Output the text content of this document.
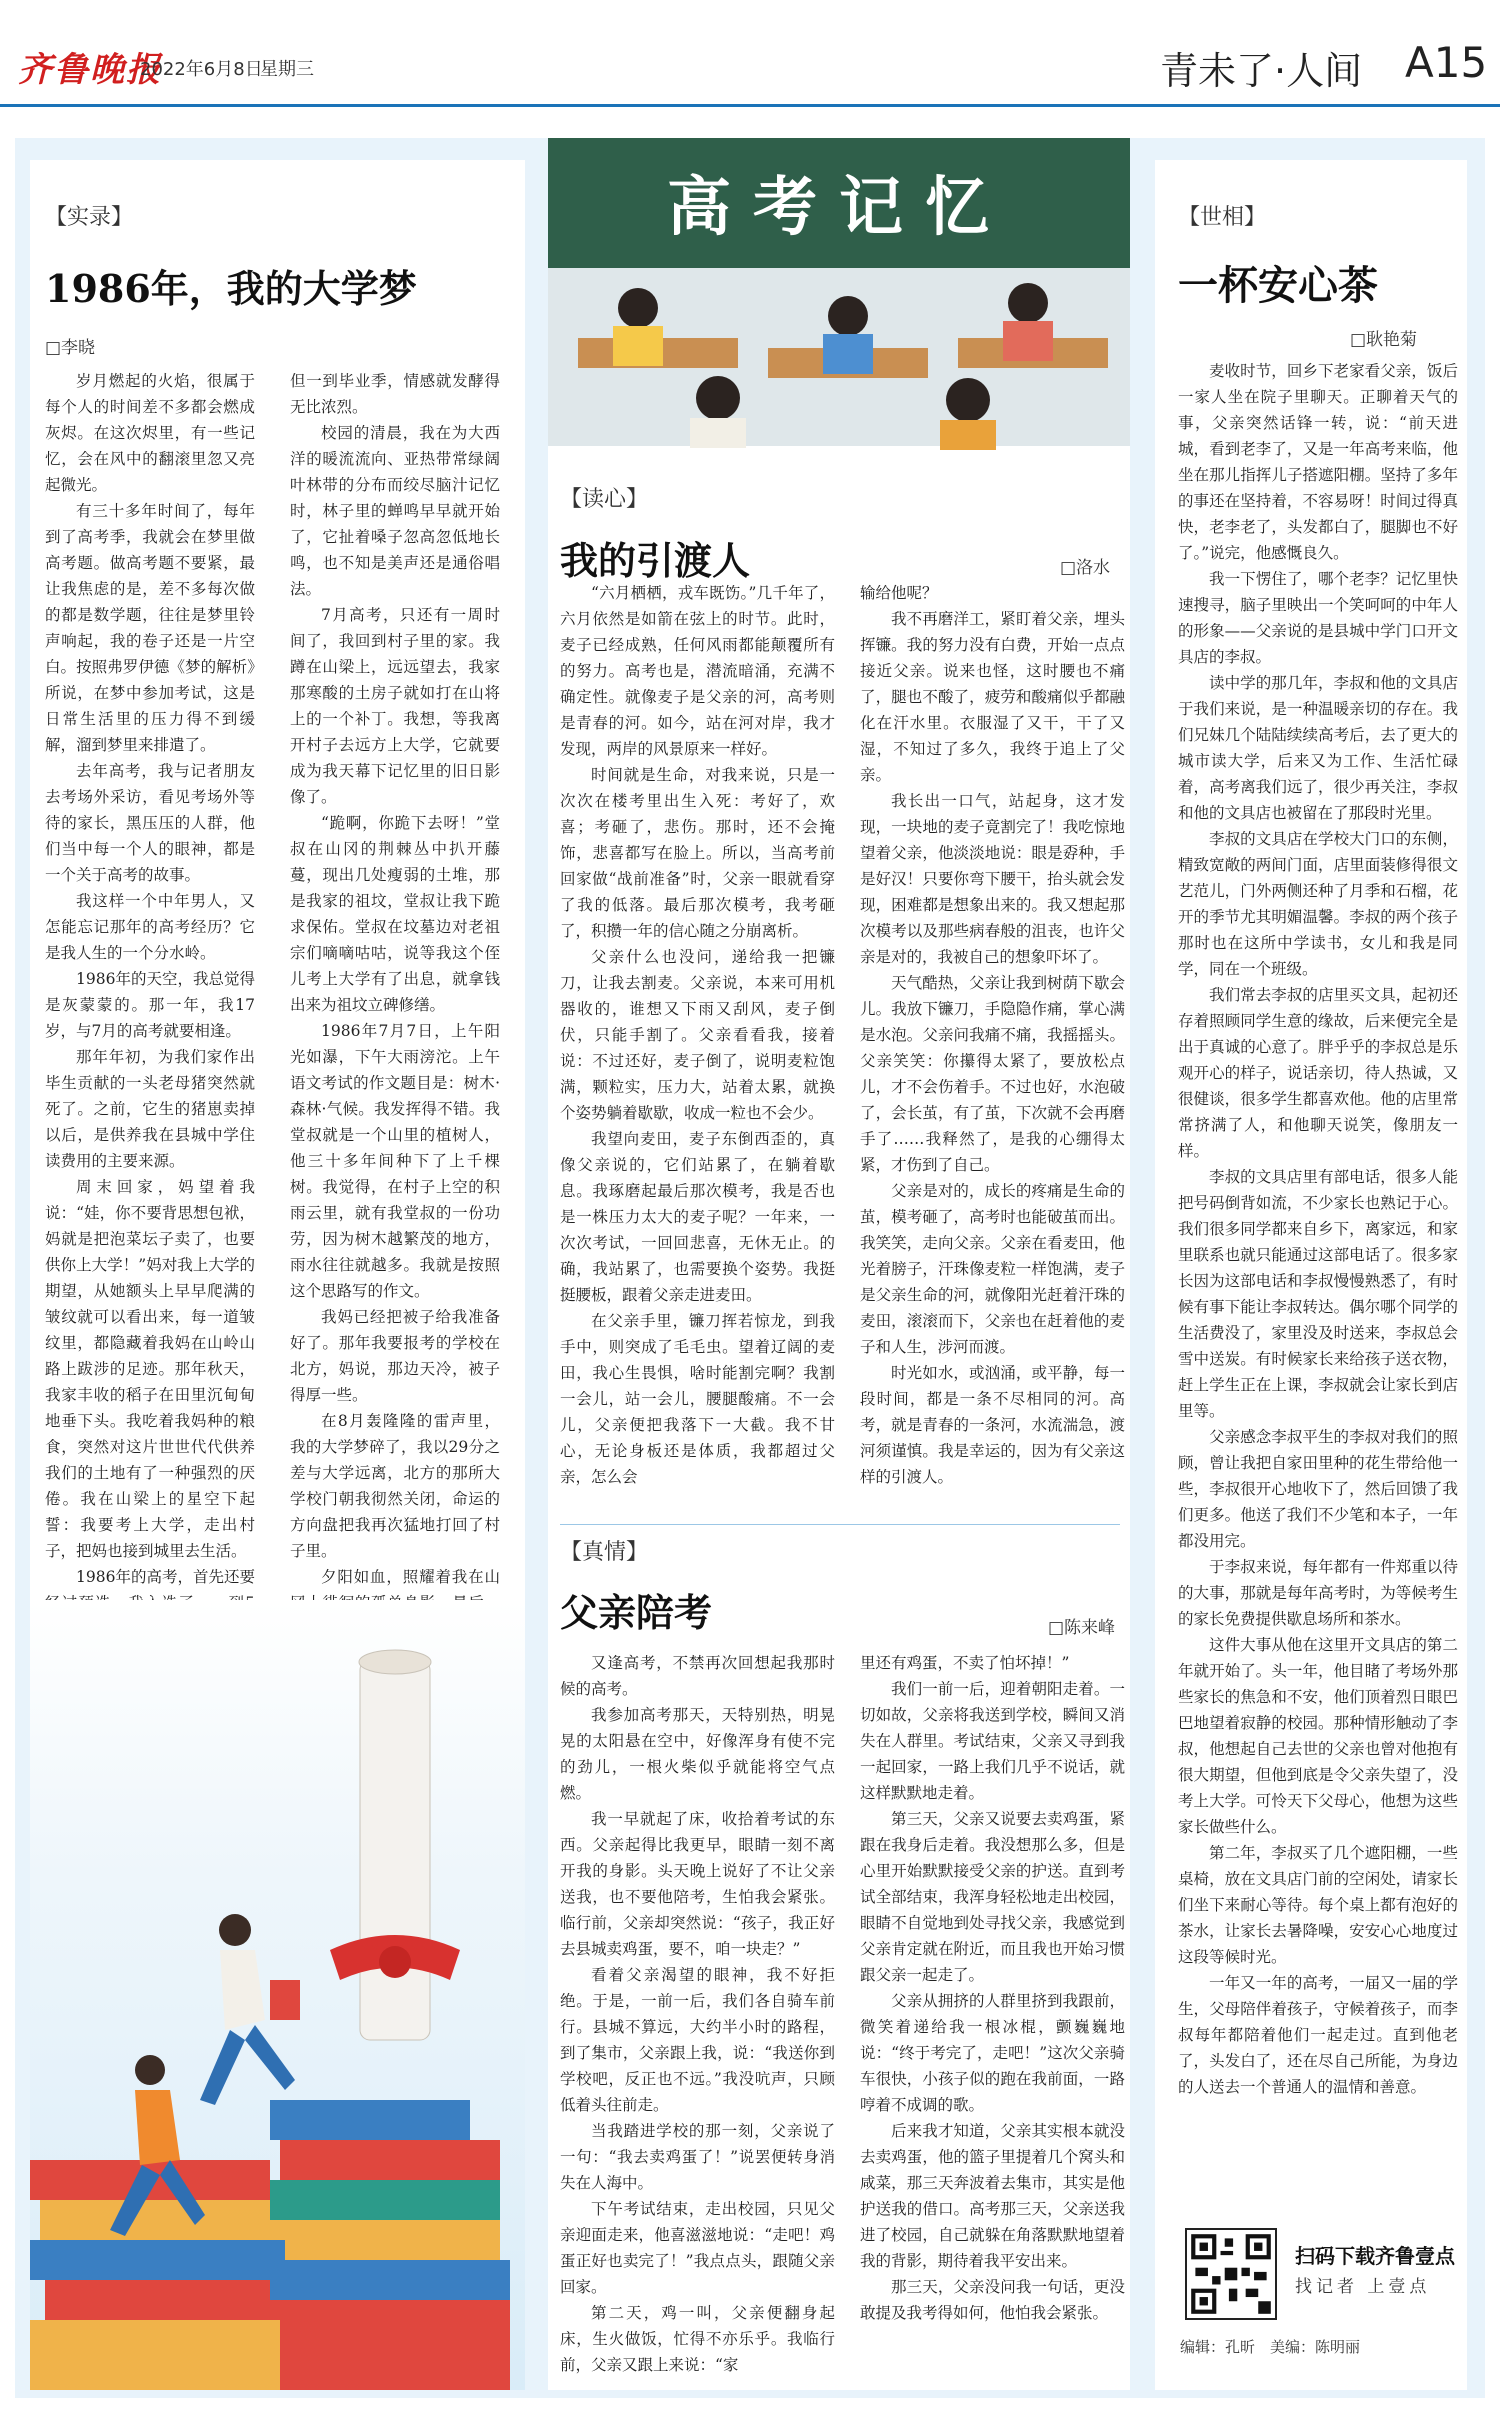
齐鲁晚报
2022年6月8日
星期三	青未了·人间 A15
【实录】
1986年，我的大学梦
□李晓

岁月燃起的火焰，很属于每个人的时间差不多都会燃成灰烬。在这次烬里，有一些记忆，会在风中的翻滚里忽又亮起微光。

有三十多年时间了，每年到了高考季，我就会在梦里做高考题。做高考题不要紧，最让我焦虑的是，差不多每次做的都是数学题，往往是梦里铃声响起，我的卷子还是一片空白。按照弗罗伊德《梦的解析》所说，在梦中参加考试，这是日常生活里的压力得不到缓解，溜到梦里来排遣了。

去年高考，我与记者朋友去考场外采访，看见考场外等待的家长，黑压压的人群，他们当中每一个人的眼神，都是一个关于高考的故事。

我这样一个中年男人，又怎能忘记那年的高考经历？它是我人生的一个分水岭。

1986年的天空，我总觉得是灰蒙蒙的。那一年，我17岁，与7月的高考就要相逢。

那年年初，为我们家作出毕生贡献的一头老母猪突然就死了。之前，它生的猪崽卖掉以后，是供养我在县城中学住读费用的主要来源。

周末回家，妈望着我说：“娃，你不要背思想包袱，妈就是把泡菜坛子卖了，也要供你上大学！”妈对我上大学的期望，从她额头上早早爬满的皱纹就可以看出来，每一道皱纹里，都隐藏着我妈在山岭山路上跋涉的足迹。那年秋天，我家丰收的稻子在田里沉甸甸地垂下头。我吃着我妈种的粮食，突然对这片世世代代供养我们的土地有了一种强烈的厌倦。我在山梁上的星空下起誓：我要考上大学，走出村子，把妈也接到城里去生活。

1986年的高考，首先还要

但一到毕业季，情感就发酵得无比浓烈。

校园的清晨，我在为大西洋的暖流流向、亚热带常绿阔叶林带的分布而绞尽脑汁记忆时，林子里的蝉鸣早早就开始了，它扯着嗓子忽高忽低地长鸣，也不知是美声还是通俗唱法。

7月高考，只还有一周时间了，我回到村子里的家。我蹲在山梁上，远远望去，我家那寒酸的土房子就如打在山将上的一个补丁。我想，等我离开村子去远方上大学，它就要成为我天幕下记忆里的旧日影像了。

“跪啊，你跪下去呀！”堂叔在山冈的荆棘丛中扒开藤蔓，现出几处瘦弱的土堆，那是我家的祖坟，堂叔让我下跪求保佑。堂叔在坟墓边对老祖宗们嘀嘀咕咕，说等我这个侄儿考上大学有了出息，就拿钱出来为祖坟立碑修缮。

1986年7月7日，上午阳光如瀑，下午大雨滂沱。上午语文考试的作文题目是：树木·森林·气候。我发挥得不错。我堂叔就是一个山里的植树人，他三十多年间种下了上千棵树。我觉得，在村子上空的积雨云里，就有我堂叔的一份功劳，因为树木越繁茂的地方，雨水往往就越多。我就是按照这个思路写的作文。

我妈已经把被子给我准备好了。那年我要报考的学校在北方，妈说，那边天冷，被子得厚一些。

在8月轰隆隆的雷声里，我的大学梦碎了，我以29分之差与大学远离，北方的那所大学校门朝我彻然关闭，命运的方向盘把我再次猛地打回了村子里。

夕阳如血，照耀着我在山

高考记忆
【读心】
我的引渡人	□洛水

“六月栖栖，戎车既饬。”几千年了，六月依然是如箭在弦上的时节。此时，麦子已经成熟，任何风雨都能颠覆所有的努力。高考也是，潜流暗涌，充满不确定性。就像麦子是父亲的河，高考则是青春的河。如今，站在河对岸，我才发现，两岸的风景原来一样好。

时间就是生命，对我来说，只是一次次在楼考里出生入死：考好了，欢喜；考砸了，悲伤。那时，还不会掩饰，悲喜都写在脸上。所以，当高考前回家做“战前准备”时，父亲一眼就看穿了我的低落。最后那次模考，我考砸了，积攒一年的信心随之分崩离析。

父亲什么也没问，递给我一把镰刀，让我去割麦。父亲说，本来可用机器收的，谁想又下雨又刮风，麦子倒伏，只能手割了。父亲看看我，接着说：不过还好，麦子倒了，说明麦粒饱满，颗粒实，压力大，站着太累，就换个姿势躺着歇歇，收成一粒也不会少。

我望向麦田，麦子东倒西歪的，真像父亲说的，它们站累了，在躺着歇息。我琢磨起最后那次模考，我是否也是一株压力太大的麦子呢？一年来，一次次考试，一回回悲喜，无休无止。的确，我站累了，也需要换个姿势。我挺挺腰板，跟着父亲走进麦田。

在父亲手里，镰刀挥若惊龙，到我手中，则突成了毛毛虫。望着辽阔的麦田，我心生畏惧，啥时能割完啊？我割一会儿，站一会儿，腰腿酸痛。不一会儿，父亲便把我落下一大截。我不甘心，无论身板还是体质，我都超过父亲，怎么会

输给他呢？

我不再磨洋工，紧盯着父亲，埋头挥镰。我的努力没有白费，开始一点点接近父亲。说来也怪，这时腰也不痛了，腿也不酸了，疲劳和酸痛似乎都融化在汗水里。衣服湿了又干，干了又湿，不知过了多久，我终于追上了父亲。

我长出一口气，站起身，这才发现，一块地的麦子竟割完了！我吃惊地望着父亲，他淡淡地说：眼是孬种，手是好汉！只要你弯下腰干，抬头就会发现，困难都是想象出来的。我又想起那次模考以及那些病春般的沮丧，也许父亲是对的，我被自己的想象吓坏了。

天气酷热，父亲让我到树荫下歇会儿。我放下镰刀，手隐隐作痛，掌心满是水泡。父亲问我痛不痛，我摇摇头。父亲笑笑：你攥得太紧了，要放松点儿，才不会伤着手。不过也好，水泡破了，会长茧，有了茧，下次就不会再磨手了……我释然了，是我的心绷得太紧，才伤到了自己。

父亲是对的，成长的疼痛是生命的茧，模考砸了，高考时也能破茧而出。我笑笑，走向父亲。父亲在看麦田，他光着膀子，汗珠像麦粒一样饱满，麦子是父亲生命的河，就像阳光赶着汗珠的麦田，滚滚而下，父亲也在赶着他的麦子和人生，涉河而渡。

时光如水，或汹涌，或平静，每一段时间，都是一条不尽相同的河。高考，就是青春的一条河，水流湍急，渡河须谨慎。我是幸运的，因为有父亲这样的引渡人。

【真情】
父亲陪考	□陈来峰

又逢高考，不禁再次回想起我那时候的高考。

我参加高考那天，天特别热，明晃晃的太阳悬在空中，好像浑身有使不完的劲儿，一根火柴似乎就能将空气点燃。

我一早就起了床，收拾着考试的东西。父亲起得比我更早，眼睛一刻不离开我的身影。头天晚上说好了不让父亲送我，也不要他陪考，生怕我会紧张。临行前，父亲却突然说：“孩子，我正好去县城卖鸡蛋，要不，咱一块走？”

看着父亲渴望的眼神，我不好拒绝。于是，一前一后，我们各自骑车前行。县城不算远，大约半小时的路程，到了集市，父亲跟上我，说：“我送你到学校吧，反正也不远。”我没吭声，只顾低着头往前走。

当我踏进学校的那一刻，父亲说了一句：“我去卖鸡蛋了！”说罢便转身消失在人海中。

下午考试结束，走出校园，只见父亲迎面走来，他喜滋滋地说：“走吧！鸡蛋正好也卖完了！”我点点头，跟随父亲回家。

第二天，鸡一叫，父亲便翻身起床，生火做饭，忙得不亦乐乎。我临行前，父亲又跟上来说：“家

里还有鸡蛋，不卖了怕坏掉！”

我们一前一后，迎着朝阳走着。一切如故，父亲将我送到学校，瞬间又消失在人群里。考试结束，父亲又寻到我一起回家，一路上我们几乎不说话，就这样默默地走着。

第三天，父亲又说要去卖鸡蛋，紧跟在我身后走着。我没想那么多，但是心里开始默默接受父亲的护送。直到考试全部结束，我浑身轻松地走出校园，眼睛不自觉地到处寻找父亲，我感觉到父亲肯定就在附近，而且我也开始习惯跟父亲一起走了。

父亲从拥挤的人群里挤到我跟前，微笑着递给我一根冰棍，颤巍巍地说：“终于考完了，走吧！”这次父亲骑车很快，小孩子似的跑在我前面，一路哼着不成调的歌。

后来我才知道，父亲其实根本就没去卖鸡蛋，他的篮子里提着几个窝头和咸菜，那三天奔波着去集市，其实是他护送我的借口。高考那三天，父亲送我进了校园，自己就躲在角落默默地望着我的背影，期待着我平安出来。

那三天，父亲没问我一句话，更没敢提及我考得如何，他怕我会紧张。

【世相】
一杯安心茶
□耿艳菊

麦收时节，回乡下老家看父亲，饭后一家人坐在院子里聊天。正聊着天气的事，父亲突然话锋一转，说：“前天进城，看到老李了，又是一年高考来临，他坐在那儿指挥儿子搭遮阳棚。坚持了多年的事还在坚持着，不容易呀！时间过得真快，老李老了，头发都白了，腿脚也不好了。”说完，他感慨良久。

我一下愣住了，哪个老李？记忆里快速搜寻，脑子里映出一个笑呵呵的中年人的形象——父亲说的是县城中学门口开文具店的李叔。

读中学的那几年，李叔和他的文具店于我们来说，是一种温暖亲切的存在。我们兄妹几个陆陆续续高考后，去了更大的城市读大学，后来又为工作、生活忙碌着，高考离我们远了，很少再关注，李叔和他的文具店也被留在了那段时光里。

李叔的文具店在学校大门口的东侧，精致宽敞的两间门面，店里面装修得很文艺范儿，门外两侧还种了月季和石榴，花开的季节尤其明媚温馨。李叔的两个孩子那时也在这所中学读书，女儿和我是同学，同在一个班级。

我们常去李叔的店里买文具，起初还存着照顾同学生意的缘故，后来便完全是出于真诚的心意了。胖乎乎的李叔总是乐观开心的样子，说话亲切，待人热诚，又很健谈，很多学生都喜欢他。他的店里常常挤满了人，和他聊天说笑，像朋友一样。

李叔的文具店里有部电话，很多人能把号码倒背如流，不少家长也熟记于心。我们很多同学都来自乡下，离家远，和家里联系也就只能通过这部电话了。很多家长因为这部电话和李叔慢慢熟悉了，有时候有事下能让李叔转达。偶尔哪个同学的生活费没了，家里没及时送来，李叔总会雪中送炭。有时候家长来给孩子送衣物，赶上学生正在上课，李叔就会让家长到店里等。

父亲感念李叔平生的李叔对我们的照顾，曾让我把自家田里种的花生带给他一些，李叔很开心地收下了，然后回馈了我们更多。他送了我们不少笔和本子，一年都没用完。

于李叔来说，每年都有一件郑重以待的大事，那就是每年高考时，为等候考生的家长免费提供歇息场所和茶水。

这件大事从他在这里开文具店的第二年就开始了。头一年，他目睹了考场外那些家长的焦急和不安，他们顶着烈日眼巴巴地望着寂静的校园。那种情形触动了李叔，他想起自己去世的父亲也曾对他抱有很大期望，但他到底是令父亲失望了，没考上大学。可怜天下父母心，他想为这些家长做些什么。

第二年，李叔买了几个遮阳棚，一些桌椅，放在文具店门前的空闲处，请家长们坐下来耐心等待。每个桌上都有泡好的茶水，让家长去暑降噪，安安心心地度过这段等候时光。

一年又一年的高考，一届又一届的学生，父母陪伴着孩子，守候着孩子，而李叔每年都陪着他们一起走过。直到他老了，头发白了，还在尽自己所能，为身边的人送去一个普通人的温情和善意。

扫码下载齐鲁壹点
找记者 上壹点
编辑：孔昕　美编：陈明丽
